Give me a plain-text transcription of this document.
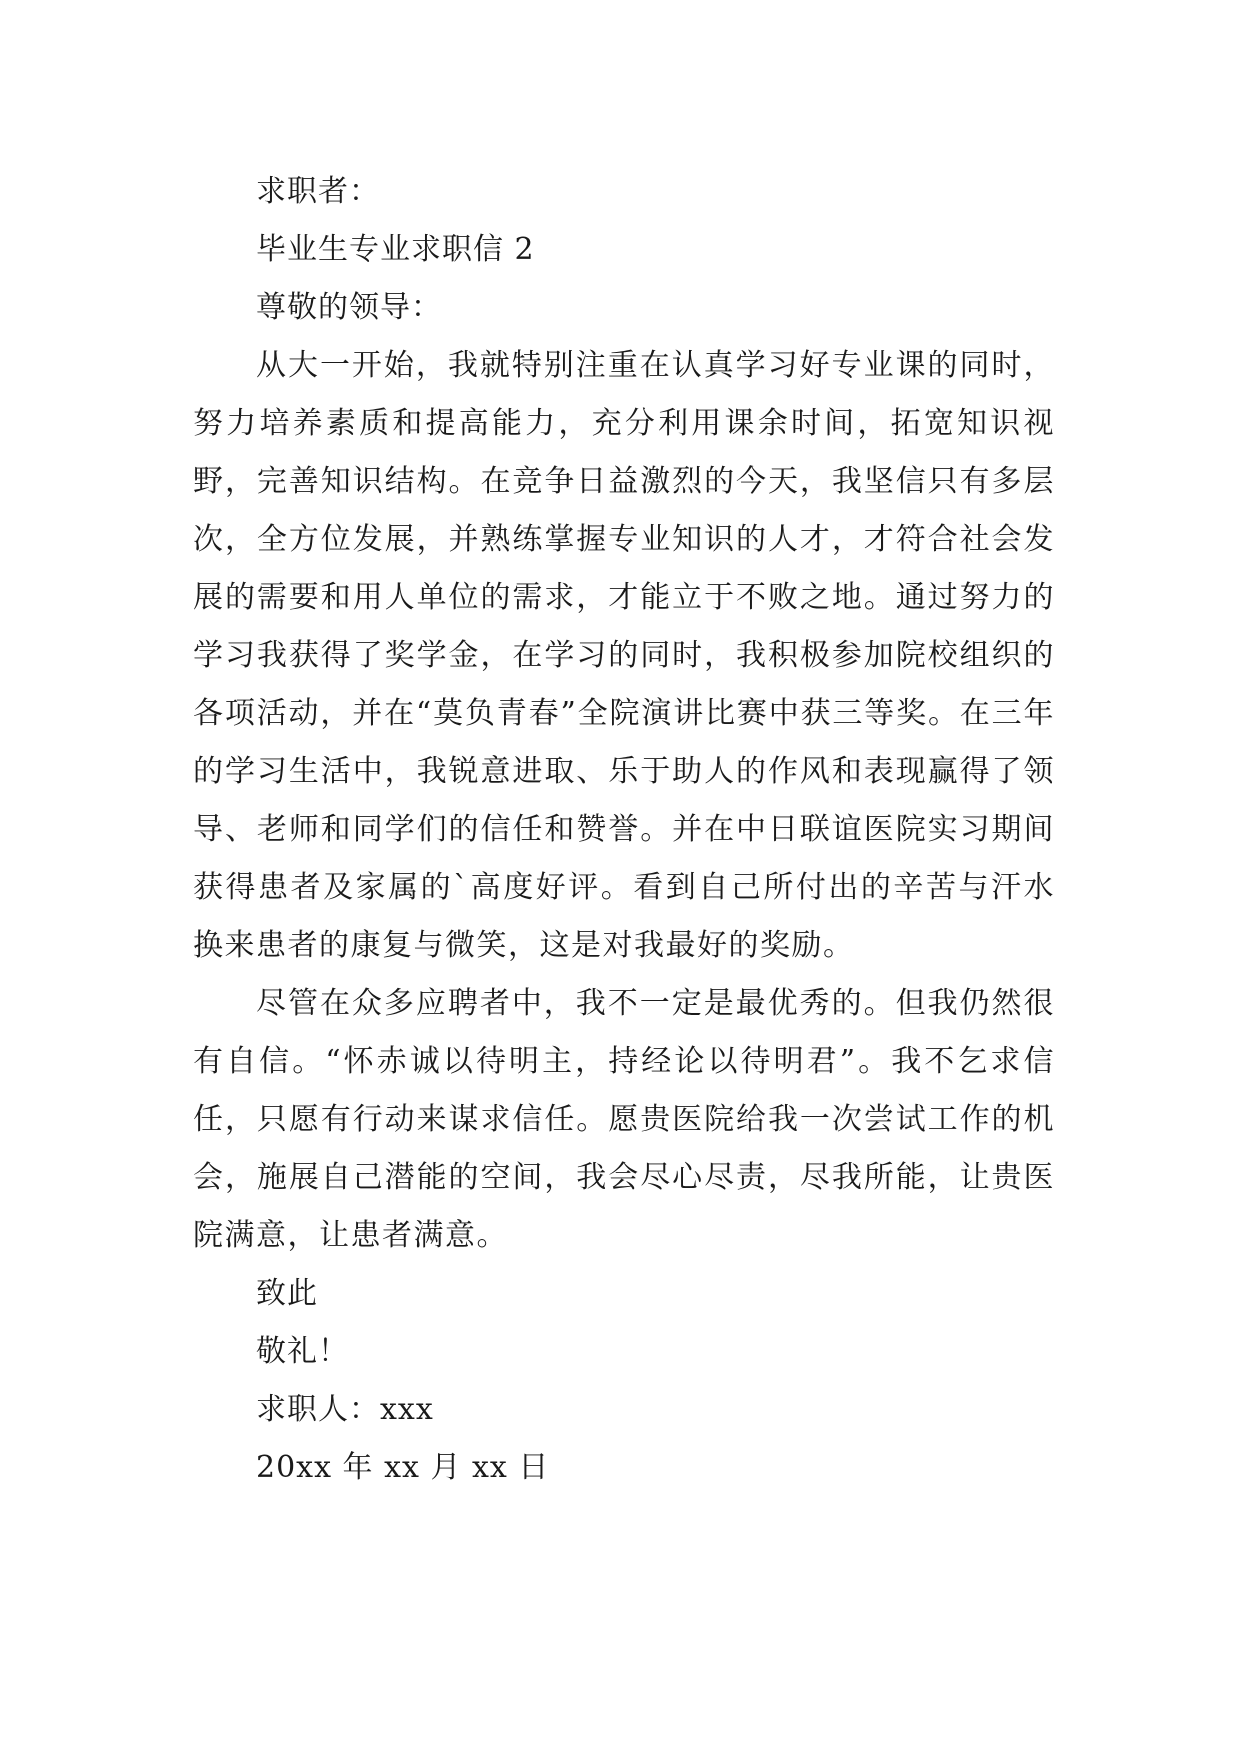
求职者：
毕业生专业求职信 2
尊敬的领导：

从大一开始，我就特别注重在认真学习好专业课的同时，努力培养素质和提高能力，充分利用课余时间，拓宽知识视野，完善知识结构。在竞争日益激烈的今天，我坚信只有多层次，全方位发展，并熟练掌握专业知识的人才，才符合社会发展的需要和用人单位的需求，才能立于不败之地。通过努力的学习我获得了奖学金，在学习的同时，我积极参加院校组织的各项活动，并在“莫负青春”全院演讲比赛中获三等奖。在三年的学习生活中，我锐意进取、乐于助人的作风和表现赢得了领导、老师和同学们的信任和赞誉。并在中日联谊医院实习期间获得患者及家属的`高度好评。看到自己所付出的辛苦与汗水换来患者的康复与微笑，这是对我最好的奖励。

尽管在众多应聘者中，我不一定是最优秀的。但我仍然很有自信。“怀赤诚以待明主，持经论以待明君”。我不乞求信任，只愿有行动来谋求信任。愿贵医院给我一次尝试工作的机会，施展自己潜能的空间，我会尽心尽责，尽我所能，让贵医院满意，让患者满意。

致此
敬礼！
求职人：xxx
20xx 年 xx 月 xx 日
